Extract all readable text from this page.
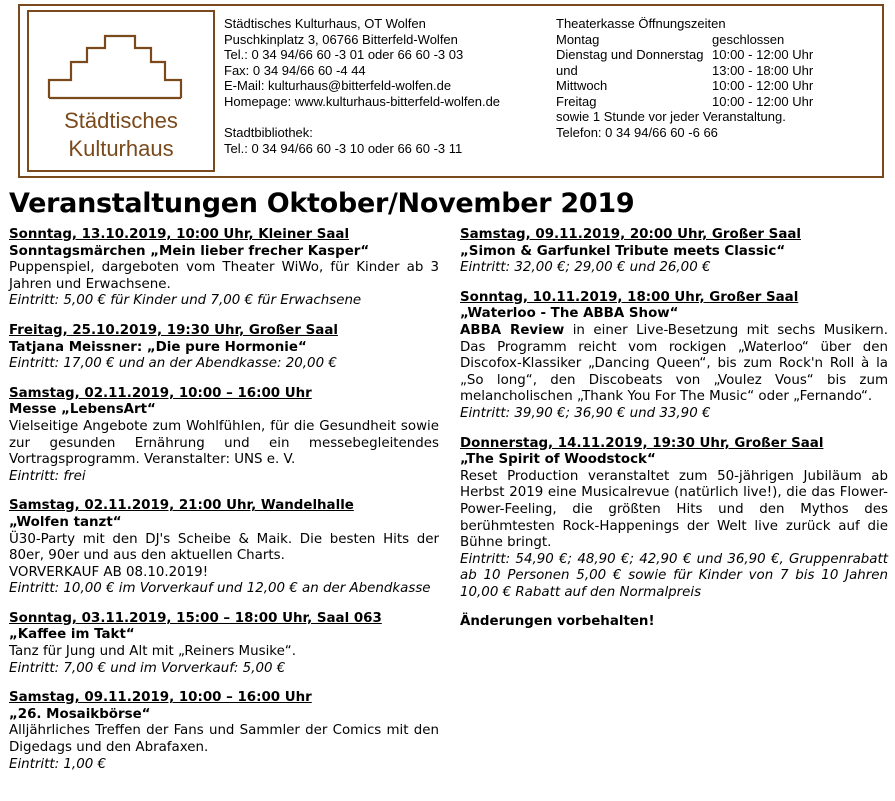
Städtisches
Kulturhaus
Städtisches Kulturhaus, OT Wolfen
Puschkinplatz 3, 06766 Bitterfeld-Wolfen
Tel.: 0 34 94/66 60 -3 01 oder 66 60 -3 03
Fax: 0 34 94/66 60 -4 44
E-Mail: kulturhaus@bitterfeld-wolfen.de
Homepage: www.kulturhaus-bitterfeld-wolfen.de
Stadtbibliothek:
Tel.: 0 34 94/66 60 -3 10 oder 66 60 -3 11
Theaterkasse Öffnungszeiten
Montag	geschlossen
Dienstag und Donnerstag 10:00 - 12:00 Uhr
und	13:00 - 18:00 Uhr
Mittwoch	10:00 - 12:00 Uhr
Freitag	10:00 - 12:00 Uhr
sowie 1 Stunde vor jeder Veranstaltung.
Telefon: 0 34 94/66 60 -6 66
Veranstaltungen Oktober/November 2019
Sonntag, 13.10.2019, 10:00 Uhr, Kleiner Saal
Sonntagsmärchen „Mein lieber frecher Kasper“
Puppenspiel, dargeboten vom Theater WiWo, für Kinder ab 3 Jahren und Erwachsene.
Eintritt: 5,00 € für Kinder und 7,00 € für Erwachsene
Freitag, 25.10.2019, 19:30 Uhr, Großer Saal
Tatjana Meissner: „Die pure Hormonie“
Eintritt: 17,00 € und an der Abendkasse: 20,00 €
Samstag, 02.11.2019, 10:00 – 16:00 Uhr
Messe „LebensArt“
Vielseitige Angebote zum Wohlfühlen, für die Gesundheit sowie zur gesunden Ernährung und ein messebegleitendes Vortragsprogramm. Veranstalter: UNS e. V.
Eintritt: frei
Samstag, 02.11.2019, 21:00 Uhr, Wandelhalle
„Wolfen tanzt“
Ü30-Party mit den DJ's Scheibe & Maik. Die besten Hits der 80er, 90er und aus den aktuellen Charts.
VORVERKAUF AB 08.10.2019!
Eintritt: 10,00 € im Vorverkauf und 12,00 € an der Abendkasse
Sonntag, 03.11.2019, 15:00 – 18:00 Uhr, Saal 063
„Kaffee im Takt“
Tanz für Jung und Alt mit „Reiners Musike“.
Eintritt: 7,00 € und im Vorverkauf: 5,00 €
Samstag, 09.11.2019, 10:00 – 16:00 Uhr
„26. Mosaikbörse“
Alljährliches Treffen der Fans und Sammler der Comics mit den Digedags und den Abrafaxen.
Eintritt: 1,00 €
Samstag, 09.11.2019, 20:00 Uhr, Großer Saal
„Simon & Garfunkel Tribute meets Classic“
Eintritt: 32,00 €; 29,00 € und 26,00 €
Sonntag, 10.11.2019, 18:00 Uhr, Großer Saal
„Waterloo - The ABBA Show“
ABBA Review in einer Live-Besetzung mit sechs Musikern. Das Programm reicht vom rockigen „Waterloo“ über den Discofox-Klassiker „Dancing Queen“, bis zum Rock'n Roll à la „So long“, den Discobeats von „Voulez Vous“ bis zum melancholischen „Thank You For The Music“ oder „Fernando“.
Eintritt: 39,90 €; 36,90 € und 33,90 €
Donnerstag, 14.11.2019, 19:30 Uhr, Großer Saal
„The Spirit of Woodstock“
Reset Production veranstaltet zum 50-jährigen Jubiläum ab Herbst 2019 eine Musicalrevue (natürlich live!), die das Flower-Power-Feeling, die größten Hits und den Mythos des berühmtesten Rock-Happenings der Welt live zurück auf die Bühne bringt.
Eintritt: 54,90 €; 48,90 €; 42,90 € und 36,90 €, Gruppenrabatt ab 10 Personen 5,00 € sowie für Kinder von 7 bis 10 Jahren 10,00 € Rabatt auf den Normalpreis
Änderungen vorbehalten!
